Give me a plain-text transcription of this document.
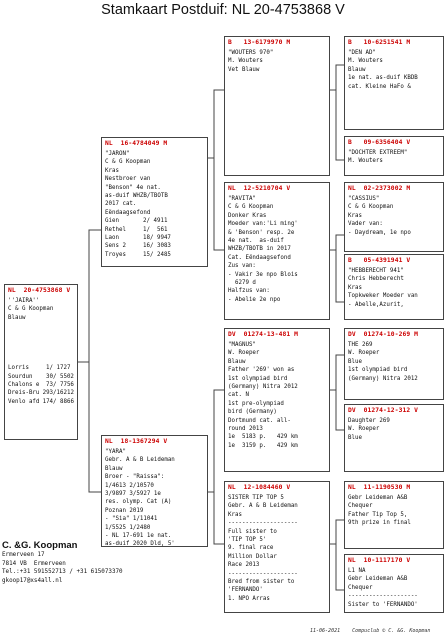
Stamkaart Postduif: NL 20-4753868 V
NL  20-4753868 V
''JAIRA''
C & G Koopman
Blauw
Lorris	1/ 1727
Sourdun	30/ 5502
Chalons e	73/ 7756
Dreis-Bru 293/16212
Venlo afd 174/ 8866
NL  16-4784049 M
"JARON"
C & G Koopman
Kras
Nestbroer van
"Benson" 4e nat.
as-duif WHZB/TBOTB
2017 cat.
Eëndaagsefond
Gien	2/ 4911
Rethel	1/  561
Laon	18/ 9947
Sens 2	16/ 3083
Troyes	15/ 2485
NL  18-1367294 V
"YARA"
Gebr. A & B Leideman
Blauw
Broer - "Raissa":
1/4613 2/10570
3/9897 3/5927 1e
res. olymp. Cat (A)
Poznan 2019
- "Sia" 1/11041
1/5525 1/2480
- NL 17-691 1e nat.
as-duif 2020 Dld, 5'
B   13-6179970 M
"WOUTERS 970"
M. Wouters
Vet Blauw
NL  12-5210704 V
"RAVITA"
C & G Koopman
Donker Kras
Moeder van:'Li ming'
& 'Benson' resp. 2e
4e nat.  as-duif
WHZB/TBOTB in 2017
Cat. Eëndaagsefond
Zus van:
- Vakir 3e npo Blois
6279 d
Halfzus van:
- Abelie 2e npo
DV  01274-13-481 M
"MAGNUS"
W. Roeper
Blauw
Father '269' won as
1st olympiad bird
(Germany) Nitra 2012
cat. N
1st pre-olympiad
bird (Germany)
Dortmund cat. all-
round 2013
1e  5183 p.   429 km
1e  3159 p.   429 km
NL  12-1084460 V
SISTER TIP TOP 5
Gebr. A & B Leideman
Kras
--------------------
Full sister to
'TIP TOP 5'
9. final race
Million Dollar
Race 2013
--------------------
Bred from sister to
'FERNANDO'
1. NPO Arras
B   10-6251541 M
"DEN AD"
M. Wouters
Blauw
1e nat. as-duif KBDB
cat. Kleine HaFo &
B   09-6356404 V
"DOCHTER EXTREEM"
M. Wouters
NL  02-2373002 M
"CASSIUS"
C & G Koopman
Kras
Vader van:
- Daydream, 1e npo
B   05-4391941 V
"HEBBERECHT 941"
Chris Hebberecht
Kras
Topkweker Moeder van
- Abelle,Azurit,
DV  01274-10-269 M
THE 269
W. Roeper
Blue
1st olympiad bird
(Germany) Nitra 2012
DV  01274-12-312 V
Daughter 269
W. Roeper
Blue
NL  11-1190530 M
Gebr Leideman A&B
Chequer
Father Tip Top 5,
9th prize in final
NL  10-1117170 V
L1 NA
Gebr Leideman A&B
Chequer
--------------------
Sister to 'FERNANDO'
C. &G. Koopman
Ermerveen 17
7814 VB  Ermerveen
Tel.:+31 591552713 / +31 615073370
gkoop17@xs4all.nl
11-06-2021    Compuclub © C. &G. Koopman
